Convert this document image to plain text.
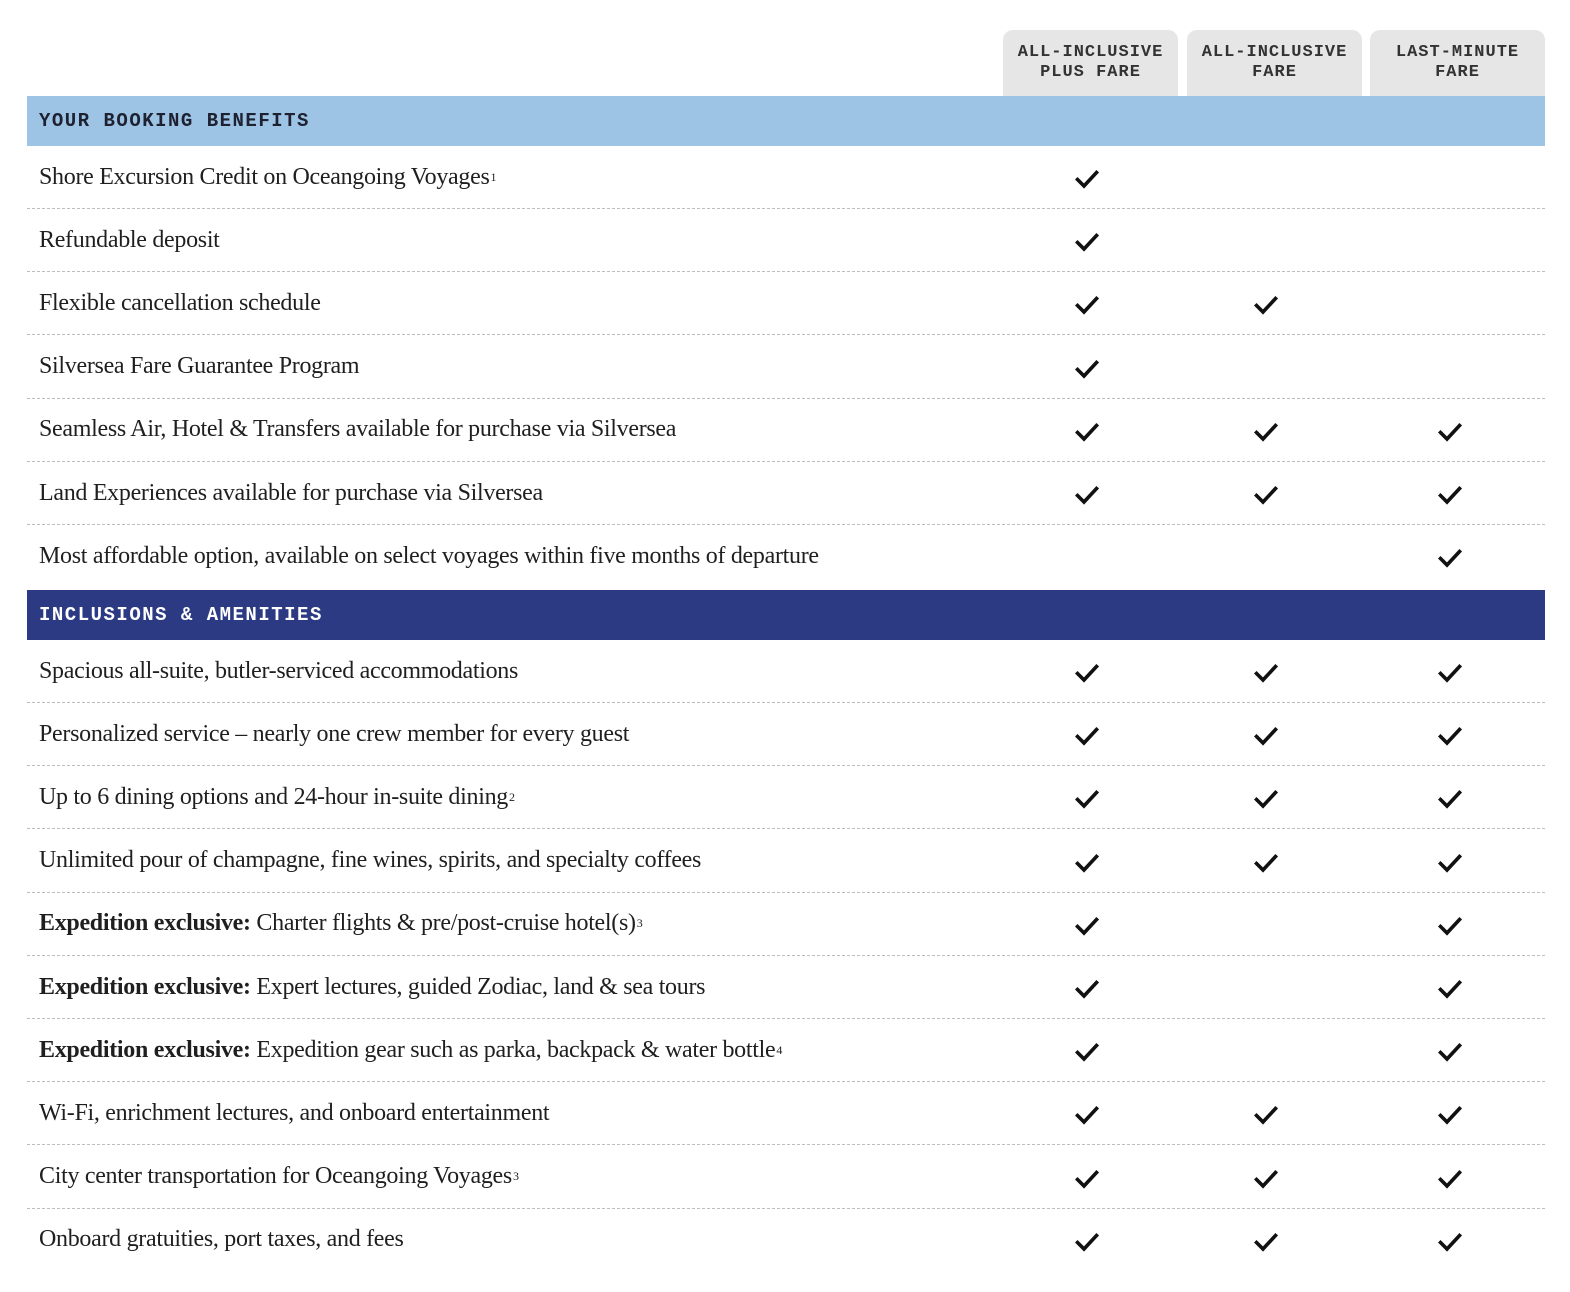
ALL-INCLUSIVE
PLUS FARE
ALL-INCLUSIVE
FARE
LAST-MINUTE
FARE
YOUR BOOKING BENEFITS
INCLUSIONS & AMENITIES
Shore Excursion Credit on Oceangoing Voyages 1
Refundable deposit
Flexible cancellation schedule
Silversea Fare Guarantee Program
Seamless Air, Hotel & Transfers available for purchase via Silversea
Land Experiences available for purchase via Silversea
Most affordable option, available on select voyages within five months of departure
Spacious all-suite, butler-serviced accommodations
Personalized service – nearly one crew member for every guest
Up to 6 dining options and 24-hour in-suite dining 2
Unlimited pour of champagne, fine wines, spirits, and specialty coffees
Expedition exclusive: Charter flights & pre/post-cruise hotel(s) 3
Expedition exclusive: Expert lectures, guided Zodiac, land & sea tours
Expedition exclusive: Expedition gear such as parka, backpack & water bottle 4
Wi-Fi, enrichment lectures, and onboard entertainment
City center transportation for Oceangoing Voyages 3
Onboard gratuities, port taxes, and fees
